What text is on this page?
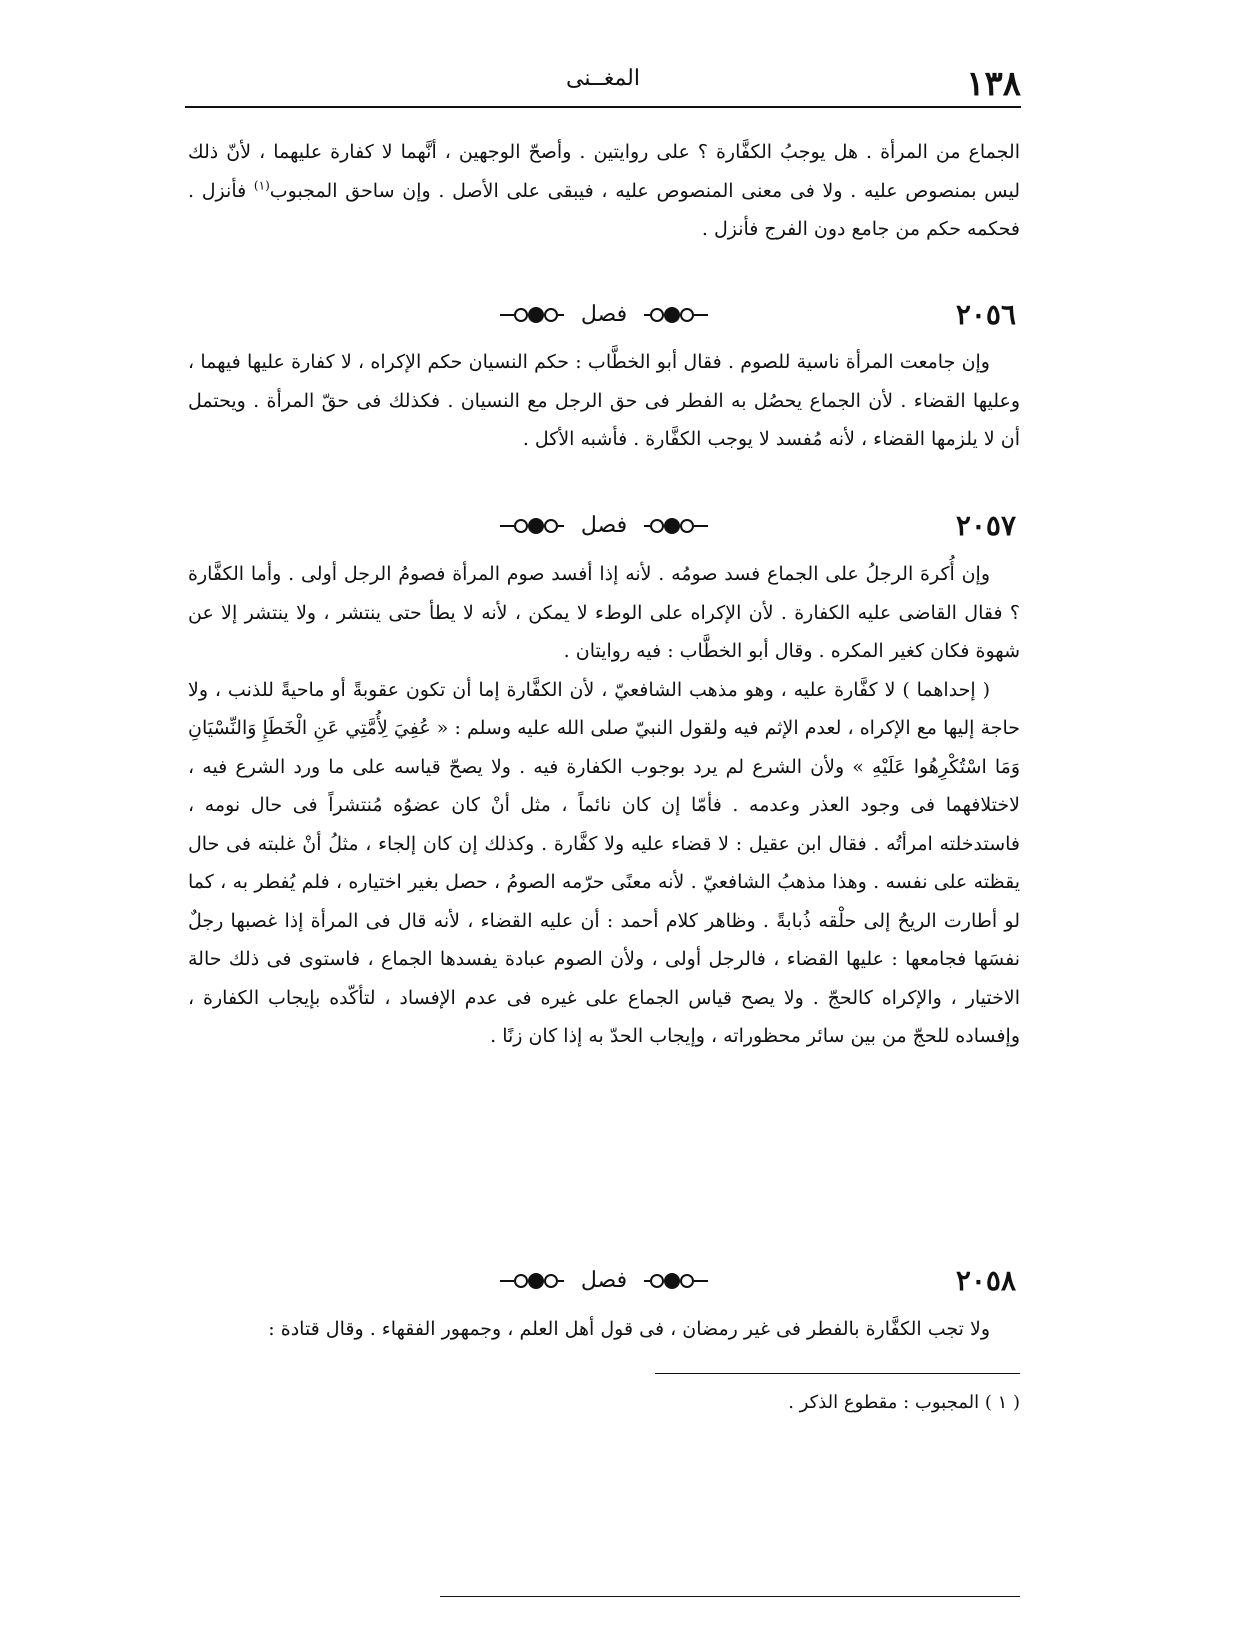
١٣٨
المغــنى

الجماع من المرأة . هل يوجبُ الكفَّارة ؟ على روايتين . وأصحّ الوجهين ، أنَّهما لا كفارة عليهما ، لأنّ ذلك ليس بمنصوص عليه . ولا فى معنى المنصوص عليه ، فيبقى على الأصل . وإن ساحق المجبوب$^{(١)}$ فأنزل . فحكمه حكم من جامع دون الفرج فأنزل .

٢٠٥٦
فصل

وإن جامعت المرأة ناسية للصوم . فقال أبو الخطَّاب : حكم النسيان حكم الإكراه ، لا كفارة عليها فيهما ، وعليها القضاء . لأن الجماع يحصُل به الفطر فى حق الرجل مع النسيان . فكذلك فى حقّ المرأة . ويحتمل أن لا يلزمها القضاء ، لأنه مُفسد لا يوجب الكفَّارة . فأشبه الأكل .

٢٠٥٧
فصل

وإن أُكرهَ الرجلُ على الجماع فسد صومُه . لأنه إذا أفسد صوم المرأة فصومُ الرجل أولى . وأما الكفَّارة ؟ فقال القاضى عليه الكفارة . لأن الإكراه على الوطء لا يمكن ، لأنه لا يطأ حتى ينتشر ، ولا ينتشر إلا عن شهوة فكان كغير المكره . وقال أبو الخطَّاب : فيه روايتان .

( إحداهما ) لا كفَّارة عليه ، وهو مذهب الشافعيّ ، لأن الكفَّارة إما أن تكون عقوبةً أو ماحيةً للذنب ، ولا حاجة إليها مع الإكراه ، لعدم الإثم فيه ولقول النبيّ صلى الله عليه وسلم : « عُفِيَ لِأُمَّتِي عَنِ الْخَطَإِ وَالنِّسْيَانِ وَمَا اسْتُكْرِهُوا عَلَيْهِ » ولأن الشرع لم يرد بوجوب الكفارة فيه . ولا يصحّ قياسه على ما ورد الشرع فيه ، لاختلافهما فى وجود العذر وعدمه . فأمّا إن كان نائماً ، مثل أنْ كان عضوُه مُنتشراً فى حال نومه ، فاستدخلته امرأتُه . فقال ابن عقيل : لا قضاء عليه ولا كفَّارة . وكذلك إن كان إلجاء ، مثلُ أنْ غلبته فى حال يقظته على نفسه . وهذا مذهبُ الشافعيّ . لأنه معنًى حرّمه الصومُ ، حصل بغير اختياره ، فلم يُفطر به ، كما لو أطارت الريحُ إلى حلْقه ذُبابةً . وظاهر كلام أحمد : أن عليه القضاء ، لأنه قال فى المرأة إذا غصبها رجلٌ نفسَها فجامعها : عليها القضاء ، فالرجل أولى ، ولأن الصوم عبادة يفسدها الجماع ، فاستوى فى ذلك حالة الاختيار ، والإكراه كالحجّ . ولا يصح قياس الجماع على غيره فى عدم الإفساد ، لتأكّده بإيجاب الكفارة ، وإفساده للحجّ من بين سائر محظوراته ، وإيجاب الحدّ به إذا كان زنًا .

٢٠٥٨
فصل

ولا تجب الكفَّارة بالفطر فى غير رمضان ، فى قول أهل العلم ، وجمهور الفقهاء . وقال قتادة :

( ١ ) المجبوب : مقطوع الذكر .
